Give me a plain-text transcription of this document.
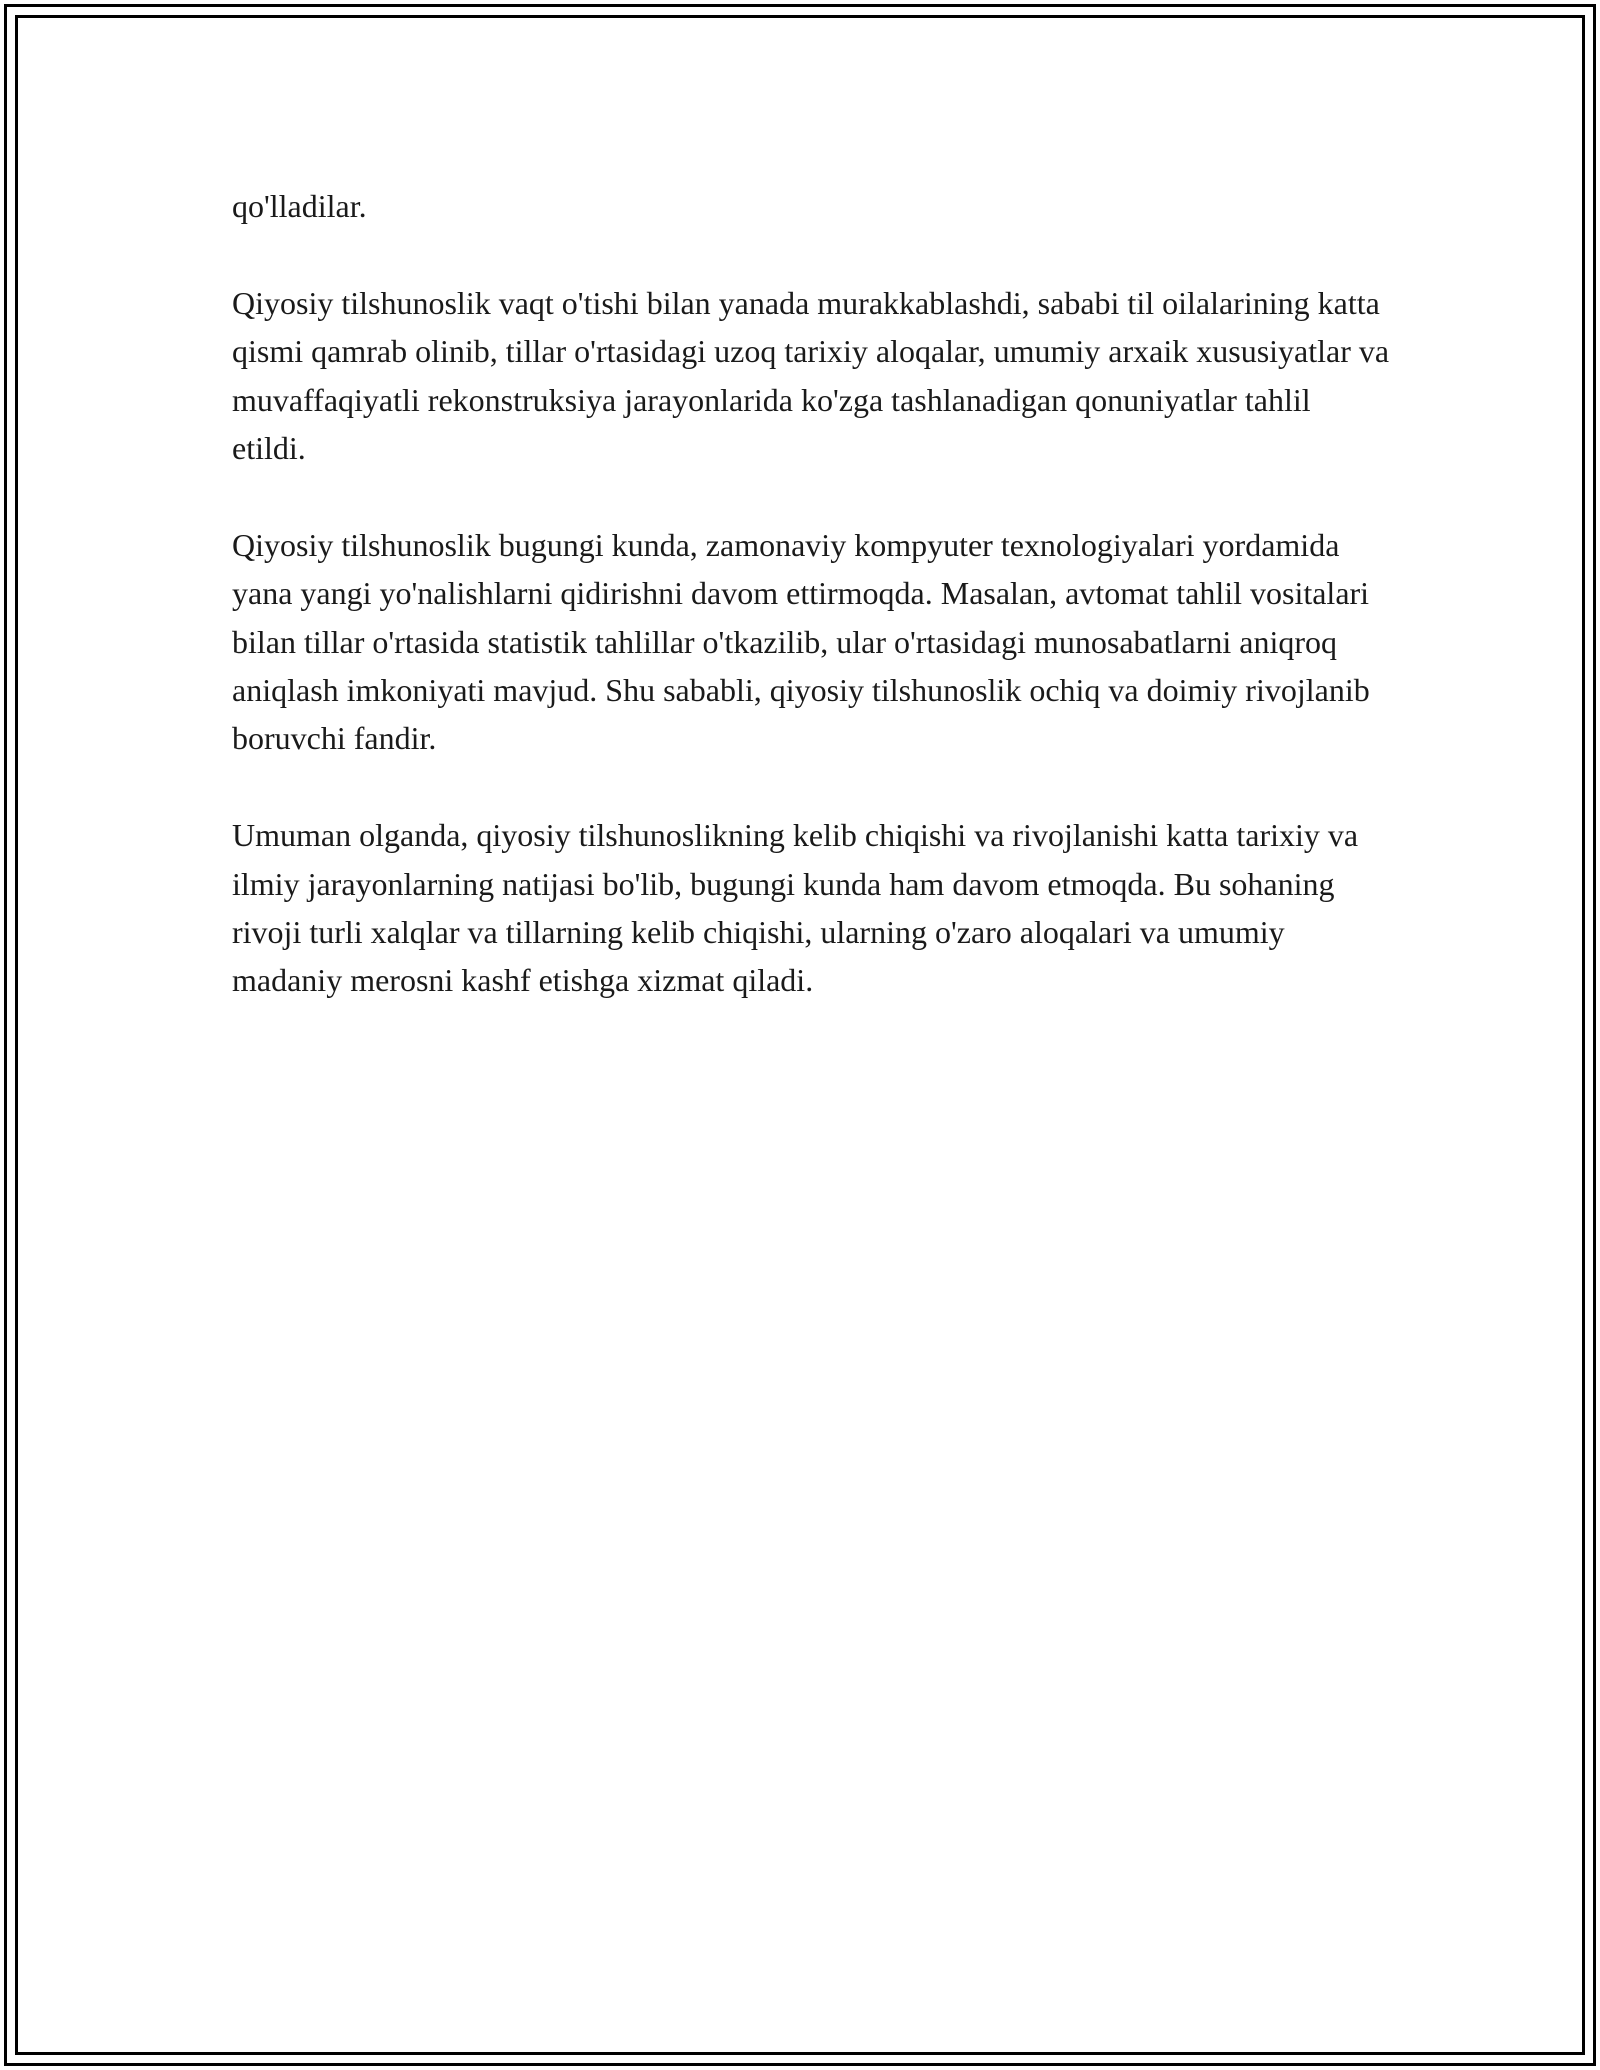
qo'lladilar.

Qiyosiy tilshunoslik vaqt o'tishi bilan yanada murakkablashdi, sababi til oilalarining katta qismi qamrab olinib, tillar o'rtasidagi uzoq tarixiy aloqalar, umumiy arxaik xususiyatlar va muvaffaqiyatli rekonstruksiya jarayonlarida ko'zga tashlanadigan qonuniyatlar tahlil etildi.

Qiyosiy tilshunoslik bugungi kunda, zamonaviy kompyuter texnologiyalari yordamida yana yangi yo'nalishlarni qidirishni davom ettirmoqda. Masalan, avtomat tahlil vositalari bilan tillar o'rtasida statistik tahlillar o'tkazilib, ular o'rtasidagi munosabatlarni aniqroq aniqlash imkoniyati mavjud. Shu sababli, qiyosiy tilshunoslik ochiq va doimiy rivojlanib boruvchi fandir.

Umuman olganda, qiyosiy tilshunoslikning kelib chiqishi va rivojlanishi katta tarixiy va ilmiy jarayonlarning natijasi bo'lib, bugungi kunda ham davom etmoqda. Bu sohaning rivoji turli xalqlar va tillarning kelib chiqishi, ularning o'zaro aloqalari va umumiy madaniy merosni kashf etishga xizmat qiladi.
